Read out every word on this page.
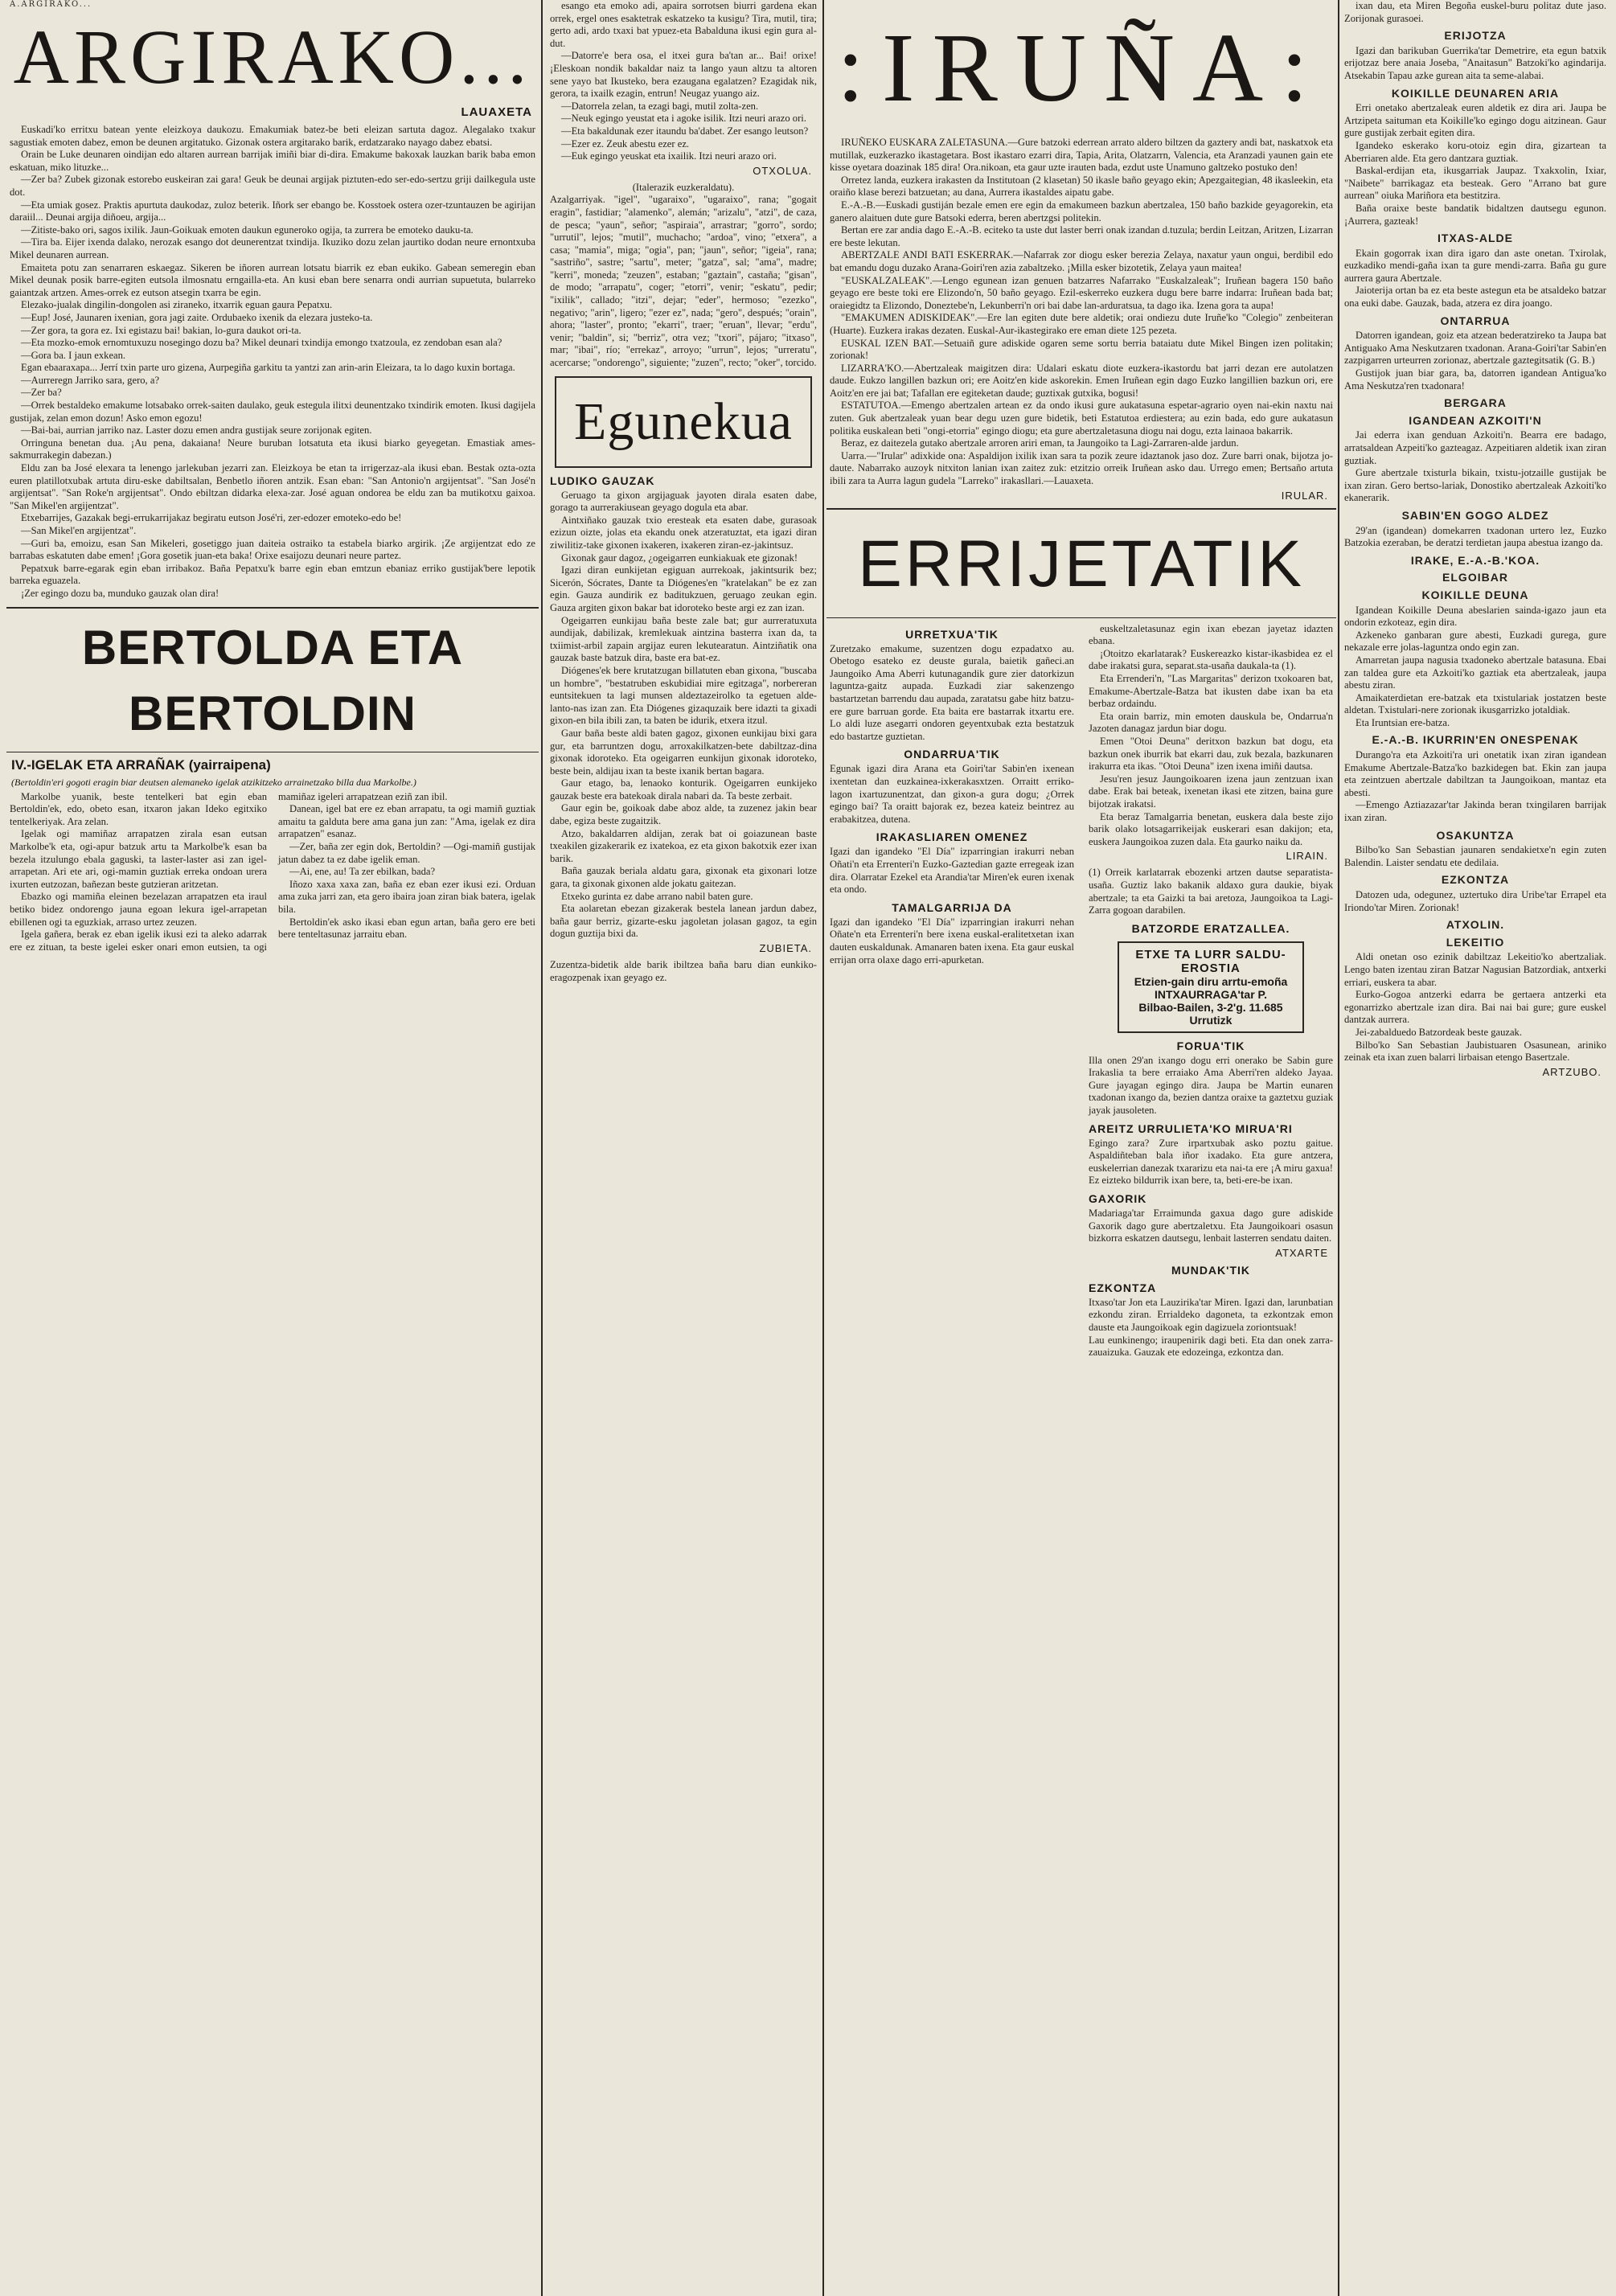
A.ARGIRAKO...
ARGIRAKO...
LAUAXETA

Euskadi'ko erritxu batean yente eleizkoya daukozu. Emakumiak batez-be beti eleizan sartuta dagoz. Alegalako txakur sagustiak emoten dabez, emon be deunen argitatuko. Gizonak ostera argitarako barik, erdatzarako nayago dabez ebatsi.

Orain be Luke deunaren oindijan edo altaren aurrean barrijak imiñi biar di-dira. Emakume bakoxak lauzkan barik baba emon eskatuan, miko lituzke...

—Zer ba? Zubek gizonak estorebo euskeiran zai gara! Geuk be deunai argijak piztuten-edo ser-edo-sertzu griji dailkegula uste dot.

—Eta umiak gosez. Praktis apurtuta daukodaz, zuloz beterik. Iñork ser ebango be. Kosstoek ostera ozer-tzuntauzen be agirijan daraiil... Deunai argija diñoeu, argija...

—Zitiste-bako ori, sagos ixilik. Jaun-Goikuak emoten daukun eguneroko ogija, ta zurrera be emoteko dauku-ta.

—Tira ba. Eijer ixenda dalako, nerozak esango dot deunerentzat txindija. Ikuziko dozu zelan jaurtiko dodan neure ernontxuba Mikel deunaren aurrean.

Emaiteta potu zan senarraren eskaegaz. Sikeren be iñoren aurrean lotsatu biarrik ez eban eukiko. Gabean semeregin eban Mikel deunak posik barre-egiten eutsola ilmosnatu erngailla-eta. An kusi eban bere senarra ondi aurrian supuetuta, bularreko gaiantzak artzen. Ames-orrek ez eutson atsegin txarra be egin.

Elezako-jualak dingilin-dongolen asi ziraneko, itxarrik eguan gaura Pepatxu.

—Eup! José, Jaunaren ixenian, gora jagi zaite. Ordubaeko ixenik da elezara justeko-ta.

—Zer gora, ta gora ez. Ixi egistazu bai! bakian, lo-gura daukot ori-ta.

—Eta mozko-emok ernomtuxuzu nosegingo dozu ba? Mikel deunari txindija emongo txatzoula, ez zendoban esan ala?

—Gora ba. I jaun exkean.

Egan ebaaraxapa... Jerrí txin parte uro gizena, Aurpegiña garkitu ta yantzi zan arin-arin Eleizara, ta lo dago kuxin bortaga.

—Aurreregn Jarriko sara, gero, a?

—Zer ba?

—Orrek bestaldeko emakume lotsabako orrek-saiten daulako, geuk estegula ilitxi deunentzako txindirik emoten. Ikusi dagijela gustijak, zelan emon dozun! Asko emon egozu!

—Bai-bai, aurrian jarriko naz. Laster dozu emen andra gustijak seure zorijonak egiten.

Orringuna benetan dua. ¡Au pena, dakaiana! Neure buruban lotsatuta eta ikusi biarko geyegetan. Emastiak ames-sakmurrakegin dabezan.)

Eldu zan ba José elexara ta lenengo jarlekuban jezarri zan. Eleizkoya be etan ta irrigerzaz-ala ikusi eban. Bestak ozta-ozta euren platillotxubak artuta diru-eske dabiltsalan, Benbetlo iñoren antzik. Esan eban: "San Antonio'n argijentsat". "San José'n argijentsat". "San Roke'n argijentsat". Ondo ebiltzan didarka elexa-zar. José aguan ondorea be eldu zan ba mutikotxu gaixoa. "San Mikel'en argijentzat".

Etxebarrijes, Gazakak begi-errukarrijakaz begiratu eutson José'ri, zer-edozer emoteko-edo be!

—San Mikel'en argijentzat".

—Guri ba, emoizu, esan San Mikeleri, gosetiggo juan daiteia ostraiko ta estabela biarko argirik. ¡Ze argijentzat edo ze barrabas eskatuten dabe emen! ¡Gora gosetik juan-eta baka! Orixe esaijozu deunari neure partez.

Pepatxuk barre-egarak egin eban irribakoz. Baña Pepatxu'k barre egin eban emtzun ebaniaz erriko gustijak'bere lepotik barreka eguazela.

¡Zer egingo dozu ba, munduko gauzak olan dira!

BERTOLDA ETA BERTOLDIN
IV.-IGELAK ETA ARRAÑAK (yairraipena)
(Bertoldin'eri gogoti eragin biar deutsen alemaneko igelak atzikitzeko arrainetzako billa dua Markolbe.)

Markolbe yuanik, beste tentelkeri bat egin eban Bertoldin'ek, edo, obeto esan, itxaron jakan Ideko egitxiko tentelkeriyak. Ara zelan.

Igelak ogi mamiñaz arrapatzen zirala esan eutsan Markolbe'k eta, ogi-apur batzuk artu ta Markolbe'k esan ba bezela itzulungo ebala gaguski, ta laster-laster asi zan igel-arrapetan. Ari ete ari, ogi-mamin guztiak erreka ondoan urera ixurten eutzozan, bañezan beste gutzieran aritzetan.

Ebazko ogi mamiña eleinen bezelazan arrapatzen eta iraul betiko bidez ondorengo jauna egoan lekura igel-arrapetan ebillenen ogi ta eguzkiak, arraso urtez zeuzen.

Igela gañera, berak ez eban igelik ikusi ezi ta aleko adarrak ere ez zituan, ta beste igelei esker onari emon eutsien, ta ogi mamiñaz igeleri arrapatzean eziñ zan ibil.

Danean, igel bat ere ez eban arrapatu, ta ogi mamiñ guztiak amaitu ta galduta bere ama gana jun zan: "Ama, igelak ez dira arrapatzen" esanaz.

—Zer, baña zer egin dok, Bertoldin? —Ogi-mamiñ gustijak jatun dabez ta ez dabe igelik eman.

—Ai, ene, au! Ta zer ebilkan, bada?

Iñozo xaxa xaxa zan, baña ez eban ezer ikusi ezi. Orduan ama zuka jarri zan, eta gero ibaira joan ziran biak batera, igelak bila.

Bertoldin'ek asko ikasi eban egun artan, baña gero ere beti bere tenteltasunaz jarraitu eban.

esango eta emoko adi, apaira sorrotsen biurri gardena ekan orrek, ergel ones esaktetrak eskatzeko ta kusigu? Tira, mutil, tira; gerto adi, ardo txaxi bat ypuez-eta Babalduna ikusi egin gura al-dut.

—Datorre'e bera osa, el itxei gura ba'tan ar... Bai! orixe! ¡Eleskoan nondik bakaldar naiz ta lango yaun altzu ta altoren sene yayo bat Ikusteko, bera ezaugana egalatzen? Ezagidak nik, gerora, ta ixailk ezagin, entrun! Neugaz yuango aiz.

—Datorrela zelan, ta ezagi bagi, mutil zolta-zen.

—Neuk egingo yeustat eta i agoke isilik. Itzi neuri arazo ori.

—Eta bakaldunak ezer itaundu ba'dabet. Zer esango leutson?

—Ezer ez. Zeuk abestu ezer ez.

—Euk egingo yeuskat eta ixailik. Itzi neuri arazo ori.

OTXOLUA.
(Italerazik euzkeraldatu).
Azalgarriyak. "igel", "ugaraixo", "ugaraixo", rana; "gogait eragin", fastidiar; "alamenko", alemán; "arizalu", "atzi", de caza, de pesca; "yaun", señor; "aspiraia", arrastrar; "gorro", sordo; "urrutil", lejos; "mutil", muchacho; "ardoa", vino; "etxera", a casa; "mamia", miga; "ogia", pan; "jaun", señor; "igeia", rana; "sastriño", sastre; "sartu", meter; "gatza", sal; "ama", madre; "kerri", moneda; "zeuzen", estaban; "gaztain", castaña; "gisan", de modo; "arrapatu", coger; "etorri", venir; "eskatu", pedir; "ixilik", callado; "itzi", dejar; "eder", hermoso; "ezezko", negativo; "arin", ligero; "ezer ez", nada; "gero", después; "orain", ahora; "laster", pronto; "ekarri", traer; "eruan", llevar; "erdu", venir; "baldin", si; "berriz", otra vez; "txori", pájaro; "itxaso", mar; "ibai", río; "errekaz", arroyo; "urrun", lejos; "urreratu", acercarse; "ondorengo", siguiente; "zuzen", recto; "oker", torcido.
Egunekua
LUDIKO GAUZAK

Geruago ta gixon argijaguak jayoten dirala esaten dabe, gorago ta aurrerakiusean geyago dogula eta abar.

Aintxiñako gauzak txio eresteak eta esaten dabe, gurasoak ezizun oizte, jolas eta ekandu onek atzeratuztat, eta igazi diran ziwilitiz-take gixonen ixakeren, ixakeren ziran-ez-jakintsuz.

Gixonak gaur dagoz, ¿ogeigarren eunkiakuak ete gizonak!

Igazi diran eunkijetan egiguan aurrekoak, jakintsurik bez; Sicerón, Sócrates, Dante ta Diógenes'en "kratelakan" be ez zan egin. Gauza aundirik ez baditukzuen, geruago zeukan egin. Gauza argiten gixon bakar bat idoroteko beste argi ez zan izan.

Ogeigarren eunkijau baña beste zale bat; gur aurreratuxuta aundijak, dabilizak, kremlekuak aintzina basterra ixan da, ta txiimist-arbil zapain argijaz euren lekutearatun. Aintziñatik ona gauzak baste batzuk dira, baste era bat-ez.

Diógenes'ek bere krutatzugan billatuten eban gixona, "buscaba un hombre", "bestatruben eskubidiai mire egitzaga", norbereran euntsitekuen ta lagi munsen aldeztazeirolko ta egetuen alde-lanto-nas izan zan. Eta Diógenes gizaquzaik bere idazti ta gixadi gixon-en bila ibili zan, ta baten be idurik, etxera itzul.

Gaur baña beste aldi baten gagoz, gixonen eunkijau bixi gara gur, eta barruntzen dogu, arroxakilkatzen-bete dabiltzaz-dina gixonak idoroteko. Eta ogeigarren eunkijun gixonak idoroteko, beste bein, aldijau ixan ta beste ixanik bertan bagara.

Gaur etago, ba, lenaoko konturik. Ogeigarren eunkijeko gauzak beste era batekoak dirala nabari da. Ta beste zerbait.

Gaur egin be, goikoak dabe aboz alde, ta zuzenez jakin bear dabe, egiza beste zugaitzik.

Atzo, bakaldarren aldijan, zerak bat oi goiazunean baste txeakilen gizakerarik ez ixatekoa, ez eta gixon bakotxik ezer ixan barik.

Baña gauzak beriala aldatu gara, gixonak eta gixonari lotze gara, ta gixonak gixonen alde jokatu gaitezan.

Etxeko gurinta ez dabe arrano nabil baten gure.

Eta aolaretan ebezan gizakerak bestela lanean jardun dabez, baña gaur berriz, gizarte-esku jagoletan jolasan gagoz, ta egin dogun guztija bixi da.

ZUBIETA.
Zuzentza-bidetik alde barik ibiltzea baña baru dian eunkiko-eragozpenak ixan geyago ez.
:IRUÑA:

IRUÑEKO EUSKARA ZALETASUNA.—Gure batzoki ederrean arrato aldero biltzen da gaztery andi bat, naskatxok eta mutillak, euzkerazko ikastagetara. Bost ikastaro ezarri dira, Tapia, Arita, Olatzarrn, Valencia, eta Aranzadi yaunen gain ete kisse oyetara doazinak 185 dira! Ora.nikoan, eta gaur uzte irauten bada, ezdut uste Unamuno galtzeko postuko den!

Orretez landa, euzkera irakasten da Institutoan (2 klasetan) 50 ikasle baño geyago ekin; Apezgaitegian, 48 ikasleekin, eta oraiño klase berezi batzuetan; au dana, Aurrera ikastaldes aipatu gabe.

E.-A.-B.—Euskadi gustiján bezale emen ere egin da emakumeen bazkun abertzalea, 150 baño bazkide geyagorekin, eta ganero alaituen dute gure Batsoki ederra, beren abertzgsi politekin.

Bertan ere zar andia dago E.-A.-B. eciteko ta uste dut laster berri onak izandan d.tuzula; berdin Leitzan, Aritzen, Lizarran ere beste lekutan.

ABERTZALE ANDI BATI ESKERRAK.—Nafarrak zor diogu esker berezia Zelaya, naxatur yaun ongui, berdibil edo bat emandu dogu duzako Arana-Goiri'ren azia zabaltzeko. ¡Milla esker bizotetik, Zelaya yaun maitea!

"EUSKALZALEAK".—Lengo egunean izan genuen batzarres Nafarrako "Euskalzaleak"; Iruñean bagera 150 baño geyago ere beste toki ere Elizondo'n, 50 baño geyago. Ezil-eskerreko euzkera dugu bere barre indarra: Iruñean bada bat; oraiegidtz ta Elizondo, Doneztebe'n, Lekunberri'n ori bai dabe lan-arduratsua, ta dago ika. Izena gora ta aupa!

"EMAKUMEN ADISKIDEAK".—Ere lan egiten dute bere aldetik; orai ondiezu dute Iruñe'ko "Colegio" zenbeiteran (Huarte). Euzkera irakas dezaten. Euskal-Aur-ikastegirako ere eman diete 125 pezeta.

EUSKAL IZEN BAT.—Setuaiñ gure adiskide ogaren seme sortu berria bataiatu dute Mikel Bingen izen politakin; zorionak!

LIZARRA'KO.—Abertzaleak maigitzen dira: Udalari eskatu diote euzkera-ikastordu bat jarri dezan ere autolatzen daude. Eukzo langillen bazkun ori; ere Aoitz'en kide askorekin. Emen Iruñean egin dago Euzko langillien bazkun ori, ere Aoitz'en ere jai bat; Tafallan ere egiteketan daude; guztixak gutxika, bogusi!

ESTATUTOA.—Emengo abertzalen artean ez da ondo ikusi gure aukatasuna espetar-agrario oyen nai-ekin naxtu nai zuten. Guk abertzaleak yuan bear degu uzen gure bidetik, beti Estatutoa erdiestera; au ezin bada, edo gure aukatasun politika euskalean beti "ongi-etorria" egingo diogu; eta gure abertzaletasuna diogu nai dogu, ezta lainaoa bakarrik.

Beraz, ez daitezela gutako abertzale arroren ariri eman, ta Jaungoiko ta Lagi-Zarraren-alde jardun.

Uarra.—"Irular" adixkide ona: Aspaldijon ixilik ixan sara ta pozik zeure idaztanok jaso doz. Zure barri onak, bijotza jo-daute. Nabarrako auzoyk nitxiton lanian ixan zaitez zuk: etzitzio orreik Iruñean asko dau. Urrego emen; Bertsaño artuta ibili zara ta Aurra lagun gudela "Larreko" irakasllari.—Lauaxeta.

IRULAR.
ERRIJETATIK
URRETXUA'TIK
Zuretzako emakume, suzentzen dogu ezpadatxo au. Obetogo esateko ez deuste gurala, baietik gañeci.an Jaungoiko Ama Aberri kutunagandik gure zier datorkizun laguntza-gaitz aupada. Euzkadi ziar sakenzengo bastartzetan barrendu dau aupada, zaratatsu gabe hitz batzu-ere gure barruan gorde. Eta baita ere bastarrak itxartu ere. Lo aldi luze asegarri ondoren geyentxubak ezta bestatzuk edo bastartze guztietan.
ONDARRUA'TIK
Egunak igazi dira Arana eta Goiri'tar Sabin'en ixenean ixentetan dan euzkainea-ixkerakasxtzen. Orraitt erriko-lagon ixartuzunentzat, dan gixon-a gura dogu; ¿Orrek egingo bai? Ta oraitt bajorak ez, bezea kateiz beintrez au erabakitzea, dutena.
IRAKASLIAREN OMENEZ
Igazi dan igandeko "El Día" izparringian irakurri neban Oñati'n eta Errenteri'n Euzko-Gaztedian gazte erregeak izan dira. Olarratar Ezekel eta Arandia'tar Miren'ek euren ixenak eta ondo.
TAMALGARRIJA DA
Igazi dan igandeko "El Día" izparringian irakurri nehan Oñate'n eta Errenteri'n bere ixena euskal-eralitetxetan ixan dauten euskaldunak. Amanaren baten ixena. Eta gaur euskal errijan orra olaxe dago erri-apurketan.

euskeltzaletasunaz egin ixan ebezan jayetaz idazten ebana.

¡Otoitzo ekarlatarak? Euskereazko kistar-ikasbidea ez el dabe irakatsi gura, separat.sta-usaña daukala-ta (1).

Eta Errenderi'n, "Las Margaritas" derizon txokoaren bat, Emakume-Abertzale-Batza bat ikusten dabe ixan ba eta berbaz ordaindu.

Eta orain barriz, min emoten dauskula be, Ondarrua'n Jazoten danagaz jardun biar dogu.

Emen "Otoi Deuna" deritxon bazkun bat dogu, eta bazkun onek iburrik bat ekarri dau, zuk bezala, bazkunaren irakurra eta ikas. "Otoi Deuna" izen ixena imiñi dautsa.

Jesu'ren jesuz Jaungoikoaren izena jaun zentzuan ixan dabe. Erak bai beteak, ixenetan ikasi ete zitzen, baina gure bijotzak irakatsi.

Eta beraz Tamalgarria benetan, euskera dala beste zijo barik olako lotsagarrikeijak euskerari esan dakijon; eta, euskera Jaungoikoa zuzen dala. Eta gaurko naiku da.

LIRAIN.
(1) Orreik karlatarrak ebozenki artzen dautse separatista-usaña. Guztiz lako bakanik aldaxo gura daukie, biyak abertzale; ta eta Gaizki ta bai aretoza, Jaungoikoa ta Lagi-Zarra gogoan darabilen.
BATZORDE ERATZALLEA.
ETXE TA LURR SALDU-EROSTIA
Etzien-gain diru arrtu-emoña
INTXAURRAGA'tar P.
Bilbao-Bailen, 3-2'g. 11.685 Urrutizk
FORUA'TIK
Illa onen 29'an ixango dogu erri onerako be Sabin gure Irakaslia ta bere erraiako Ama Aberri'ren aldeko Jayaa. Gure jayagan egingo dira. Jaupa be Martin eunaren txadonan ixango da, bezien dantza oraixe ta gaztetxu guziak jayak jausoleten.
AREITZ URRULIETA'KO MIRUA'RI
Egingo zara? Zure irpartxubak asko poztu gaitue. Aspaldiñteban bala iñor ixadako. Eta gure antzera, euskelerrian danezak txararizu eta nai-ta ere ¡A miru gaxua! Ez eizteko bildurrik ixan bere, ta, beti-ere-be ixan.
GAXORIK
Madariaga'tar Erraimunda gaxua dago gure adiskide Gaxorik dago gure abertzaletxu. Eta Jaungoikoari osasun bizkorra eskatzen dautsegu, lenbait lasterren sendatu daiten.
ATXARTE
MUNDAK'TIK
EZKONTZA
Itxaso'tar Jon eta Lauzirika'tar Miren. Igazi dan, larunbatian ezkondu ziran. Errialdeko dagoneta, ta ezkontzak emon dauste eta Jaungoikoak egin dagizuela zoriontsuak!
Lau eunkinengo; iraupenirik dagi beti. Eta dan onek zarra-zauaizuka. Gauzak ete edozeinga, ezkontza dan.

ixan dau, eta Miren Begoña euskel-buru politaz dute jaso. Zorijonak gurasoei.

ERIJOTZA

Igazi dan barikuban Guerrika'tar Demetrire, eta egun batxik erijotzaz bere anaia Joseba, "Anaitasun" Batzoki'ko agindarija. Atsekabin Tapau azke gurean aita ta seme-alabai.

KOIKILLE DEUNAREN ARIA

Erri onetako abertzaleak euren aldetik ez dira ari. Jaupa be Artzipeta saituman eta Koikille'ko egingo dogu aitzinean. Gaur gure gustijak zerbait egiten dira.

Igandeko eskerako koru-otoiz egin dira, gizartean ta Aberriaren alde. Eta gero dantzara guztiak.

Baskal-erdijan eta, ikusgarriak Jaupaz. Txakxolin, Ixiar, "Naibete" barrikagaz eta besteak. Gero "Arrano bat gure aurrean" oiuka Mariñora eta bestitzira.

Baña oraixe beste bandatik bidaltzen dautsegu egunon. ¡Aurrera, gazteak!

ITXAS-ALDE

Ekain gogorrak ixan dira igaro dan aste onetan. Txirolak, euzkadiko mendi-gaña ixan ta gure mendi-zarra. Baña gu gure aurrera gaura Abertzale.

Jaioterija ortan ba ez eta beste astegun eta be atsaldeko batzar ona euki dabe. Gauzak, bada, atzera ez dira joango.

ONTARRUA

Datorren igandean, goiz eta atzean bederatzireko ta Jaupa bat Antiguako Ama Neskutzaren txadonan. Arana-Goiri'tar Sabin'en zazpigarren urteurren zorionaz, abertzale gaztegitsatik (G. B.)

Gustijok juan biar gara, ba, datorren igandean Antigua'ko Ama Neskutza'ren txadonara!

BERGARA
IGANDEAN AZKOITI'N

Jai ederra ixan genduan Azkoiti'n. Bearra ere badago, arratsaldean Azpeiti'ko gazteagaz. Azpeitiaren aldetik ixan ziran guztiak.

Gure abertzale txisturla bikain, txistu-jotzaille gustijak be ixan ziran. Gero bertso-lariak, Donostiko abertzaleak Azkoiti'ko ekanerarik.

SABIN'EN GOGO ALDEZ

29'an (igandean) domekarren txadonan urtero lez, Euzko Batzokia ezeraban, be deratzi terdietan jaupa abestua izango da.

IRAKE, E.-A.-B.'KOA.
ELGOIBAR
KOIKILLE DEUNA

Igandean Koikille Deuna abeslarien sainda-igazo jaun eta ondorin ezkoteaz, egin dira.

Azkeneko ganbaran gure abesti, Euzkadi gurega, gure nekazale erre jolas-laguntza ondo egin zan.

Amarretan jaupa nagusia txadoneko abertzale batasuna. Ebai zan taldea gure eta Azkoiti'ko gaztiak eta abertzaleak, jaupa abestu ziran.

Amaikaterdietan ere-batzak eta txistulariak jostatzen beste aldetan. Txistulari-nere zorionak ikusgarrizko jotaldiak.

Eta Iruntsian ere-batza.

E.-A.-B. IKURRIN'EN ONESPENAK

Durango'ra eta Azkoiti'ra uri onetatik ixan ziran igandean Emakume Abertzale-Batza'ko bazkidegen bat. Ekin zan jaupa eta zeintzuen abertzale dabiltzan ta Jaungoikoan, mantaz eta abesti.

—Emengo Aztiazazar'tar Jakinda beran txingilaren barrijak ixan ziran.

OSAKUNTZA

Bilbo'ko San Sebastian jaunaren sendakietxe'n egin zuten Balendin. Laister sendatu ete dedilaia.

EZKONTZA

Datozen uda, odegunez, uztertuko dira Uribe'tar Errapel eta Iriondo'tar Miren. Zorionak!

ATXOLIN.
LEKEITIO

Aldi onetan oso ezinik dabiltzaz Lekeitio'ko abertzaliak. Lengo baten izentau ziran Batzar Nagusian Batzordiak, antxerki erriari, euskera ta abar.

Eurko-Gogoa antzerki edarra be gertaera antzerki eta egonarrizko abertzale izan dira. Bai nai bai gure; gure euskel dantzak aurrera.

Jei-zabalduedo Batzordeak beste gauzak.

Bilbo'ko San Sebastian Jaubistuaren Osasunean, ariniko zeinak eta ixan zuen balarri lirbaisan etengo Basertzale.

ARTZUBO.
